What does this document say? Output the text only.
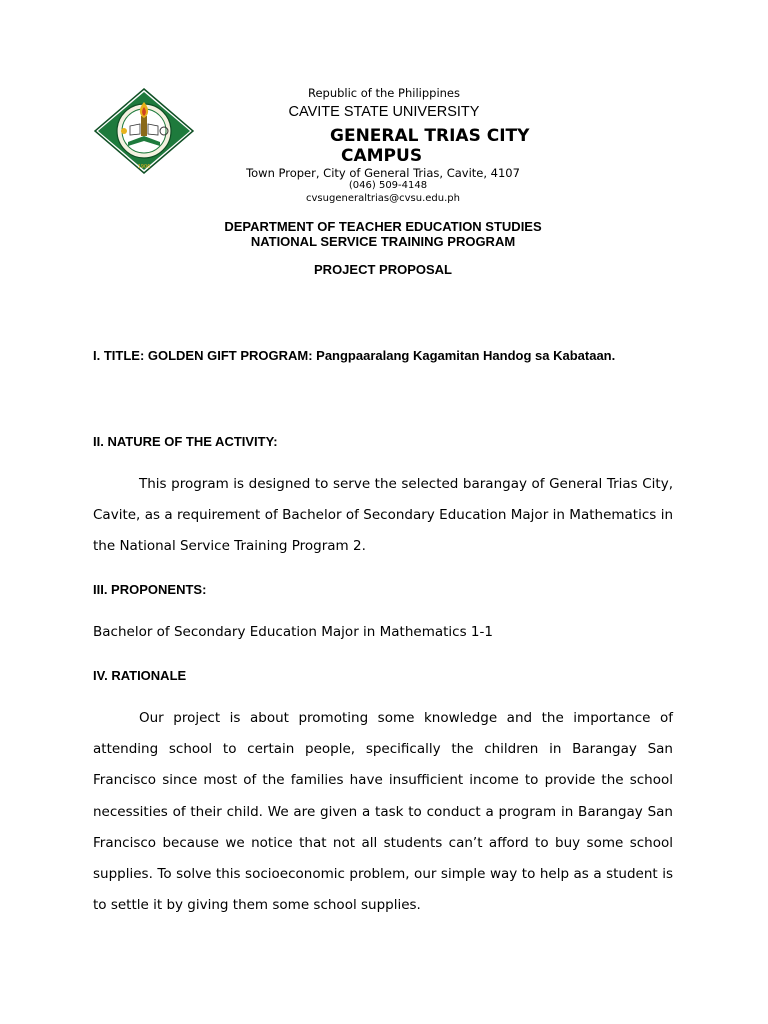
1906
Republic of the Philippines
CAVITE STATE UNIVERSITY
GENERAL TRIAS CITY
CAMPUS
Town Proper, City of General Trias, Cavite, 4107
(046) 509-4148
cvsugeneraltrias@cvsu.edu.ph
DEPARTMENT OF TEACHER EDUCATION STUDIES
NATIONAL SERVICE TRAINING PROGRAM
PROJECT PROPOSAL
I. TITLE: GOLDEN GIFT PROGRAM: Pangpaaralang Kagamitan Handog sa Kabataan.
II. NATURE OF THE ACTIVITY:

This program is designed to serve the selected barangay of General Trias City, Cavite, as a requirement of Bachelor of Secondary Education Major in Mathematics in the National Service Training Program 2.

III. PROPONENTS:
Bachelor of Secondary Education Major in Mathematics 1-1
IV. RATIONALE

Our project is about promoting some knowledge and the importance of attending school to certain people, specifically the children in Barangay San Francisco since most of the families have insufficient income to provide the school necessities of their child. We are given a task to conduct a program in Barangay San Francisco because we notice that not all students can’t afford to buy some school supplies. To solve this socioeconomic problem, our simple way to help as a student is to settle it by giving them some school supplies.
